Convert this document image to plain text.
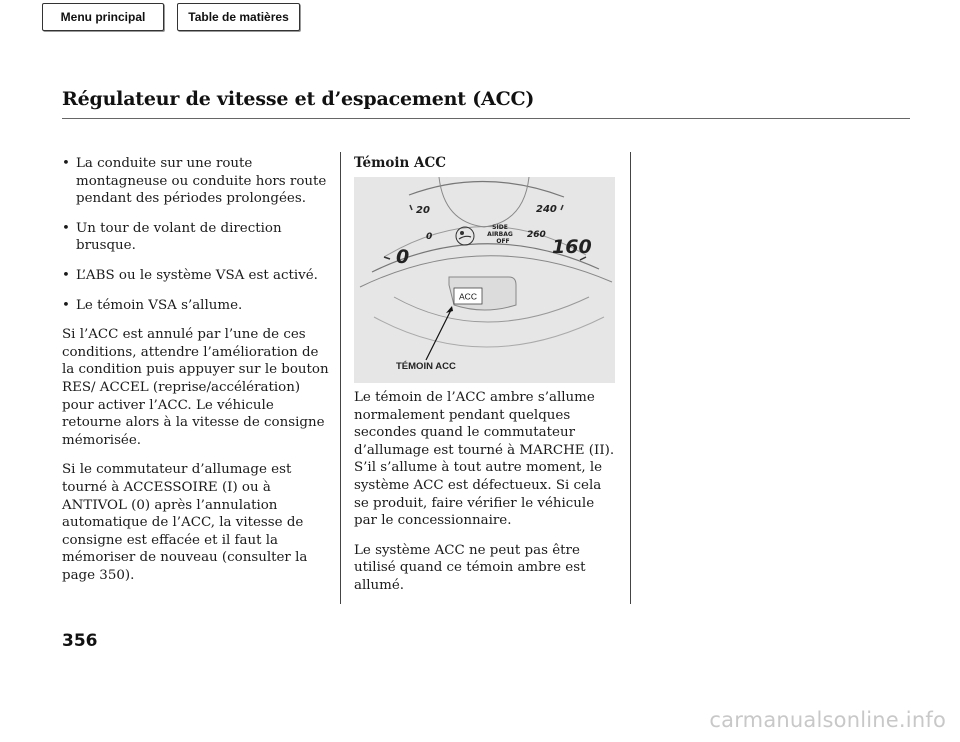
Menu principal	Table de matières
Régulateur de vitesse et d’espacement (ACC)
• La conduite sur une route montagneuse ou conduite hors route pendant des périodes prolongées.
• Un tour de volant de direction brusque.
• L’ABS ou le système VSA est activé.
• Le témoin VSA s’allume.

Si l’ACC est annulé par l’une de ces conditions, attendre l’amélioration de la condition puis appuyer sur le bouton RES/ ACCEL (reprise/accélération) pour activer l’ACC. Le véhicule retourne alors à la vitesse de consigne mémorisée.

Si le commutateur d’allumage est tourné à ACCESSOIRE (I) ou à ANTIVOL (0) après l’annulation automatique de l’ACC, la vitesse de consigne est effacée et il faut la mémoriser de nouveau (consulter la page 350).

Témoin ACC
ACC
20	240
0	260
0	160
SIDE
AIRBAG
OFF
TÉMOIN ACC

Le témoin de l’ACC ambre s’allume normalement pendant quelques secondes quand le commutateur d’allumage est tourné à MARCHE (II). S’il s’allume à tout autre moment, le système ACC est défectueux. Si cela se produit, faire vérifier le véhicule par le concessionnaire.

Le système ACC ne peut pas être utilisé quand ce témoin ambre est allumé.

356
carmanualsonline.info
